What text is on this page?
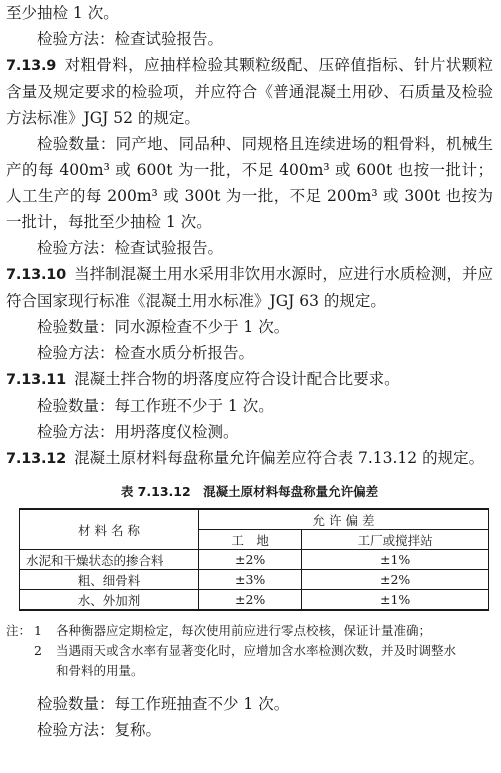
至少抽检 1 次。

检验方法：检查试验报告。

7.13.9 对粗骨料，应抽样检验其颗粒级配、压碎值指标、针片状颗粒含量及规定要求的检验项，并应符合《普通混凝土用砂、石质量及检验方法标准》JGJ 52 的规定。

检验数量：同产地、同品种、同规格且连续进场的粗骨料，机械生产的每 400m³ 或 600t 为一批，不足 400m³ 或 600t 也按一批计；人工生产的每 200m³ 或 300t 为一批，不足 200m³ 或 300t 也按为一批计，每批至少抽检 1 次。

检验方法：检查试验报告。

7.13.10 当拌制混凝土用水采用非饮用水源时，应进行水质检测，并应符合国家现行标准《混凝土用水标准》JGJ 63 的规定。

检验数量：同水源检查不少于 1 次。

检验方法：检查水质分析报告。

7.13.11 混凝土拌合物的坍落度应符合设计配合比要求。

检验数量：每工作班不少于 1 次。

检验方法：用坍落度仪检测。

7.13.12 混凝土原材料每盘称量允许偏差应符合表 7.13.12 的规定。

表 7.13.12　混凝土原材料每盘称量允许偏差
材 料 名 称	允 许 偏 差	
	工　地	工厂或搅拌站
水泥和干燥状态的掺合料	±2%	±1%
粗、细骨料	±3%	±2%
水、外加剂	±2%	±1%
注： 1	各种衡器应定期检定，每次使用前应进行零点校核，保证计量准确；
2	当遇雨天或含水率有显著变化时，应增加含水率检测次数，并及时调整水
和骨料的用量。

检验数量：每工作班抽查不少 1 次。

检验方法：复称。
